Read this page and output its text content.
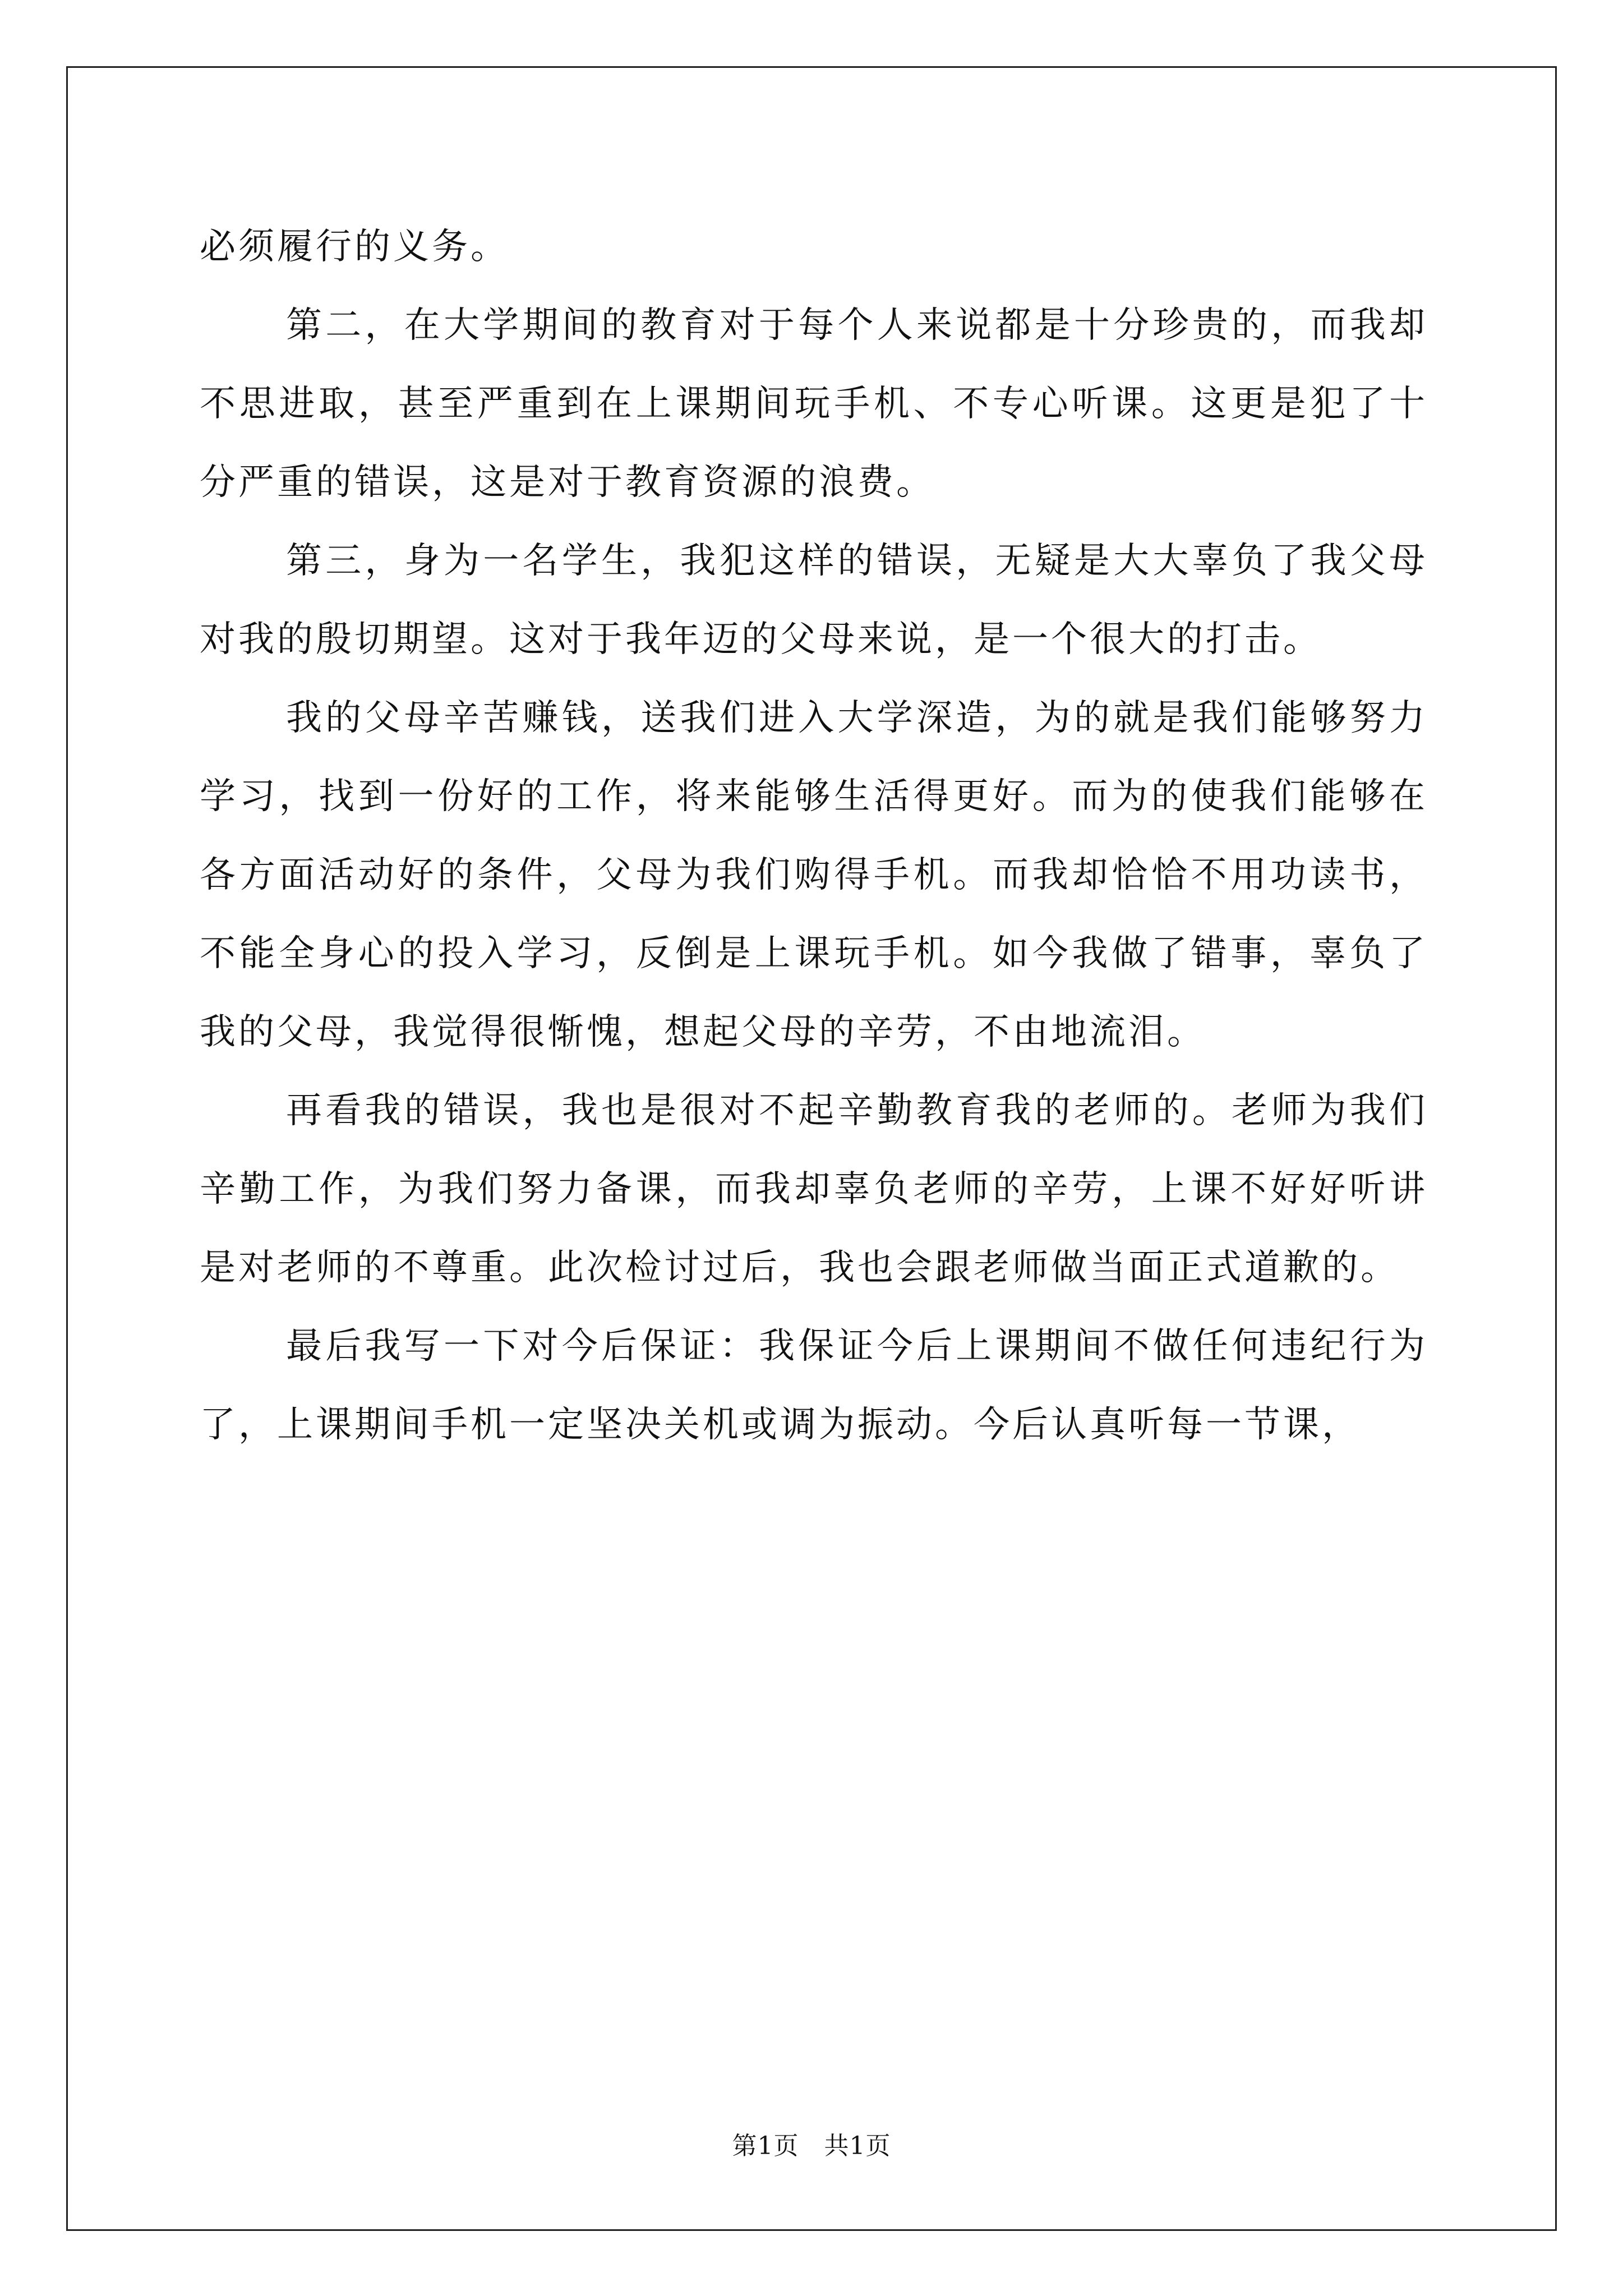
必须履行的义务。

第二，在大学期间的教育对于每个人来说都是十分珍贵的，而我却不思进取，甚至严重到在上课期间玩手机、不专心听课。这更是犯了十分严重的错误，这是对于教育资源的浪费。

第三，身为一名学生，我犯这样的错误，无疑是大大辜负了我父母对我的殷切期望。这对于我年迈的父母来说，是一个很大的打击。

我的父母辛苦赚钱，送我们进入大学深造，为的就是我们能够努力学习，找到一份好的工作，将来能够生活得更好。而为的使我们能够在各方面活动好的条件，父母为我们购得手机。而我却恰恰不用功读书，不能全身心的投入学习，反倒是上课玩手机。如今我做了错事，辜负了我的父母，我觉得很惭愧，想起父母的辛劳，不由地流泪。

再看我的错误，我也是很对不起辛勤教育我的老师的。老师为我们辛勤工作，为我们努力备课，而我却辜负老师的辛劳，上课不好好听讲是对老师的不尊重。此次检讨过后，我也会跟老师做当面正式道歉的。

最后我写一下对今后保证：我保证今后上课期间不做任何违纪行为了，上课期间手机一定坚决关机或调为振动。今后认真听每一节课，

第1页　共1页
